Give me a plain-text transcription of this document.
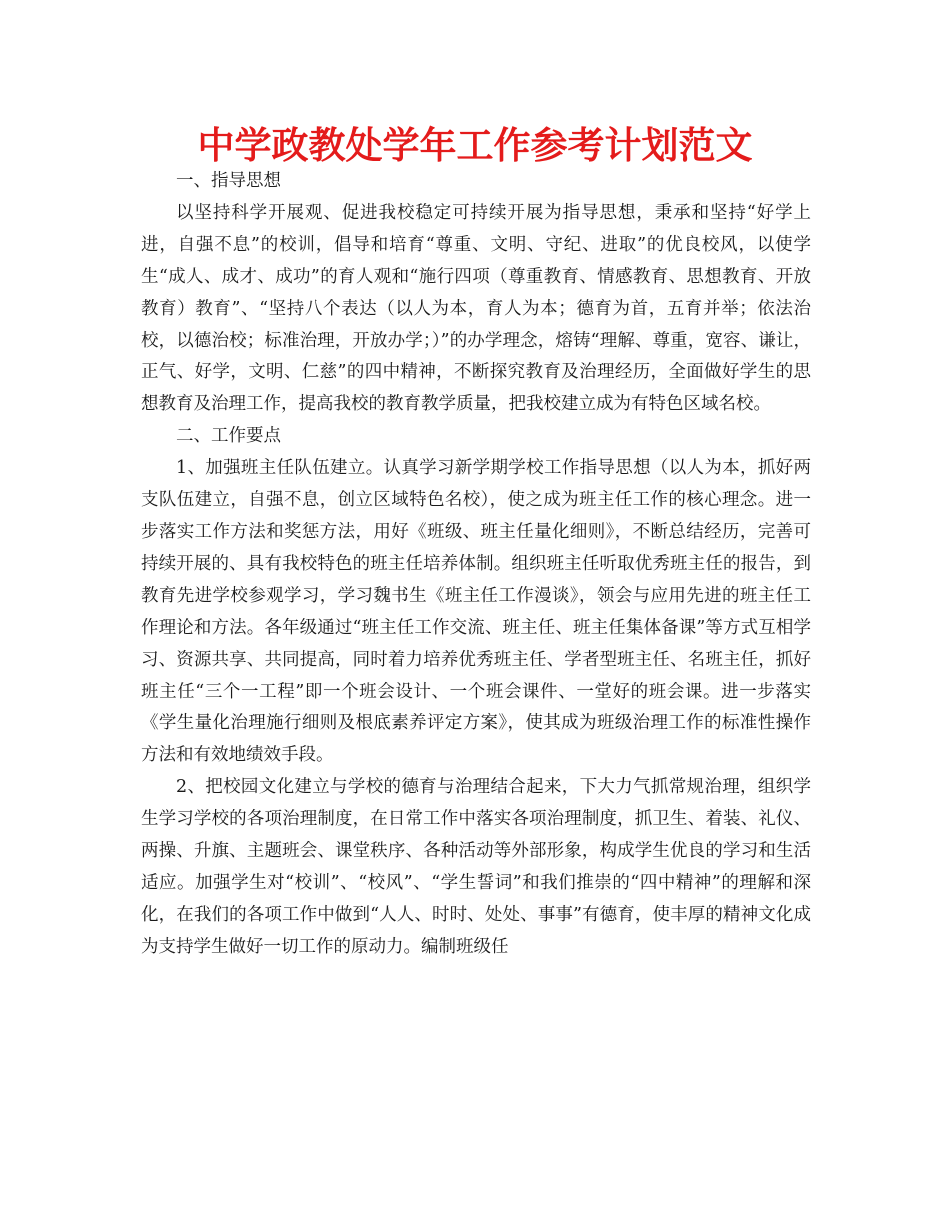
中学政教处学年工作参考计划范文

一、指导思想

以坚持科学开展观、促进我校稳定可持续开展为指导思想，秉承和坚持“好学上进，自强不息”的校训，倡导和培育“尊重、文明、守纪、进取”的优良校风，以使学生“成人、成才、成功”的育人观和“施行四项（尊重教育、情感教育、思想教育、开放教育）教育”、“坚持八个表达（以人为本，育人为本；德育为首，五育并举；依法治校，以德治校；标准治理，开放办学；）”的办学理念，熔铸“理解、尊重，宽容、谦让，正气、好学，文明、仁慈”的四中精神，不断探究教育及治理经历，全面做好学生的思想教育及治理工作，提高我校的教育教学质量，把我校建立成为有特色区域名校。

二、工作要点

1、加强班主任队伍建立。认真学习新学期学校工作指导思想（以人为本，抓好两支队伍建立，自强不息，创立区域特色名校），使之成为班主任工作的核心理念。进一步落实工作方法和奖惩方法，用好《班级、班主任量化细则》，不断总结经历，完善可持续开展的、具有我校特色的班主任培养体制。组织班主任听取优秀班主任的报告，到教育先进学校参观学习，学习魏书生《班主任工作漫谈》，领会与应用先进的班主任工作理论和方法。各年级通过“班主任工作交流、班主任、班主任集体备课”等方式互相学习、资源共享、共同提高，同时着力培养优秀班主任、学者型班主任、名班主任，抓好班主任“三个一工程”即一个班会设计、一个班会课件、一堂好的班会课。进一步落实《学生量化治理施行细则及根底素养评定方案》，使其成为班级治理工作的标准性操作方法和有效地绩效手段。

2、把校园文化建立与学校的德育与治理结合起来，下大力气抓常规治理，组织学生学习学校的各项治理制度，在日常工作中落实各项治理制度，抓卫生、着装、礼仪、两操、升旗、主题班会、课堂秩序、各种活动等外部形象，构成学生优良的学习和生活适应。加强学生对“校训”、“校风”、“学生誓词”和我们推崇的“四中精神”的理解和深化，在我们的各项工作中做到“人人、时时、处处、事事”有德育，使丰厚的精神文化成为支持学生做好一切工作的原动力。编制班级任
